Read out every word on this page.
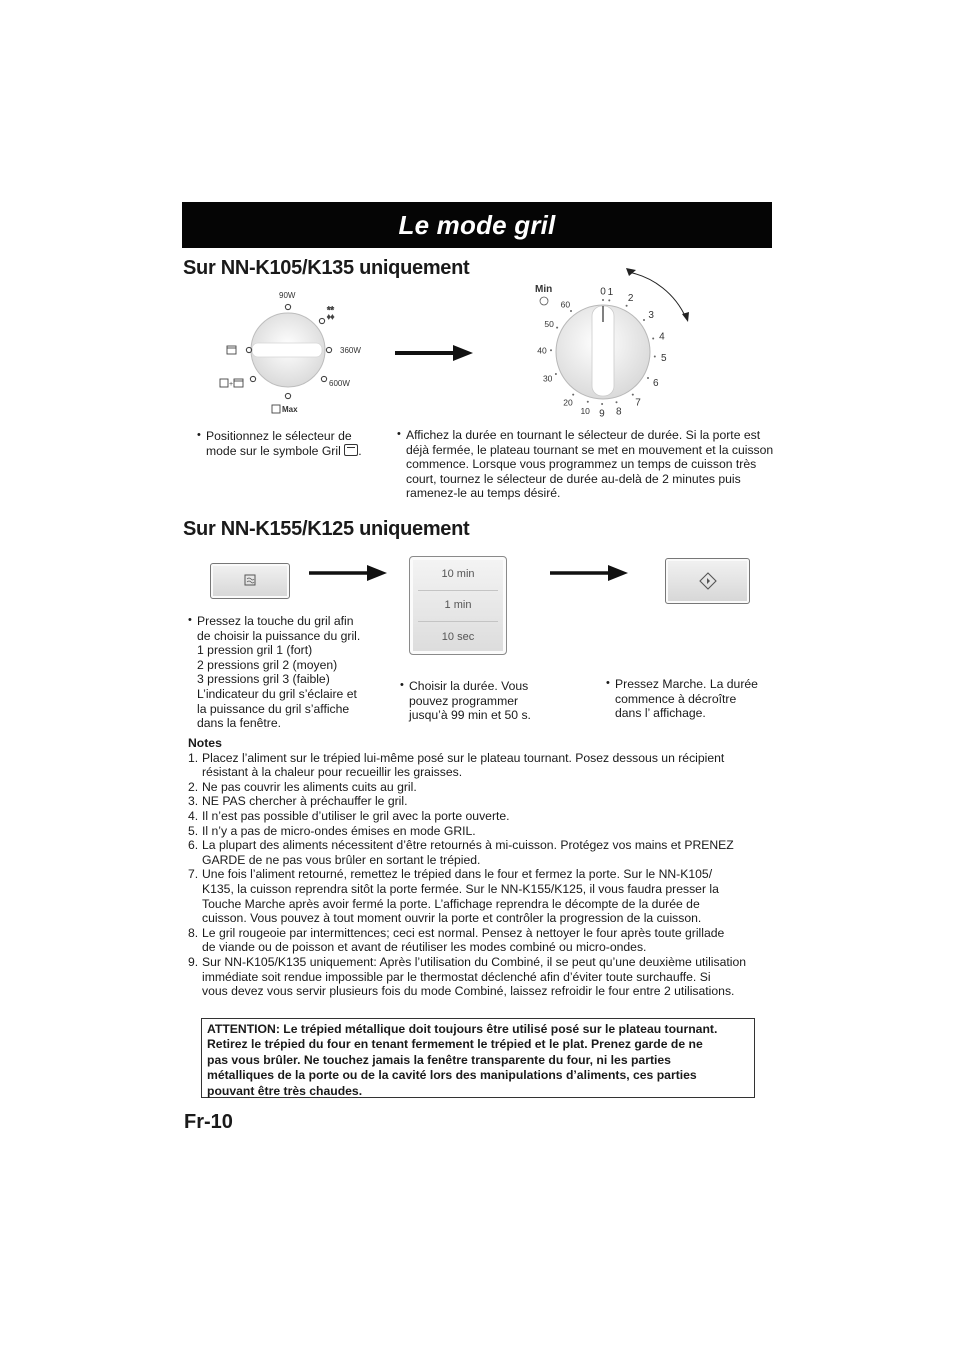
Le mode gril
Sur NN-K105/K135 uniquement
90W
**
♦♦
360W
600W
+
Max
Min	0 1
2
3
4
5
6
7
8
9
10
20
30
40
50
60
• Positionnez le sélecteur de
mode sur le symbole Gril .
• Affichez la durée en tournant le sélecteur de durée. Si la porte est déjà fermée, le plateau tournant se met en mouvement et la cuisson commence. Lorsque vous programmez un temps de cuisson très court, tournez le sélecteur de durée au-delà de 2 minutes puis ramenez-le au temps désiré.
Sur NN-K155/K125 uniquement
10 min
1 min
10 sec
• Pressez la touche du gril afin
de choisir la puissance du gril.
1 pression gril 1 (fort)
2 pressions gril 2 (moyen)
3 pressions gril 3 (faible)
L’indicateur du gril s’éclaire et
la puissance du gril s’affiche
dans la fenêtre.
• Choisir la durée. Vous
pouvez programmer
jusqu’à 99 min et 50 s.
• Pressez Marche. La durée
commence à décroître
dans l’ affichage.
Notes
1. Placez l’aliment sur le trépied lui-même posé sur le plateau tournant. Posez dessous un récipient
résistant à la chaleur pour recueillir les graisses.
2. Ne pas couvrir les aliments cuits au gril.
3. NE PAS chercher à préchauffer le gril.
4. Il n’est pas possible d’utiliser le gril avec la porte ouverte.
5. Il n’y a pas de micro-ondes émises en mode GRIL.
6. La plupart des aliments nécessitent d’être retournés à mi-cuisson. Protégez vos mains et PRENEZ
GARDE de ne pas vous brûler en sortant le trépied.
7. Une fois l’aliment retourné, remettez le trépied dans le four et fermez la porte. Sur le NN-K105/
K135, la cuisson reprendra sitôt la porte fermée. Sur le NN-K155/K125, il vous faudra presser la
Touche Marche après avoir fermé la porte. L’affichage reprendra le décompte de la durée de
cuisson. Vous pouvez à tout moment ouvrir la porte et contrôler la progression de la cuisson.
8. Le gril rougeoie par intermittences; ceci est normal. Pensez à nettoyer le four après toute grillade
de viande ou de poisson et avant de réutiliser les modes combiné ou micro-ondes.
9. Sur NN-K105/K135 uniquement: Après l’utilisation du Combiné, il se peut qu’une deuxième utilisation
immédiate soit rendue impossible par le thermostat déclenché afin d’éviter toute surchauffe. Si
vous devez vous servir plusieurs fois du mode Combiné, laissez refroidir le four entre 2 utilisations.
ATTENTION: Le trépied métallique doit toujours être utilisé posé sur le plateau tournant.
Retirez le trépied du four en tenant fermement le trépied et le plat. Prenez garde de ne
pas vous brûler. Ne touchez jamais la fenêtre transparente du four, ni les parties
métalliques de la porte ou de la cavité lors des manipulations d’aliments, ces parties
pouvant être très chaudes.
Fr-10
